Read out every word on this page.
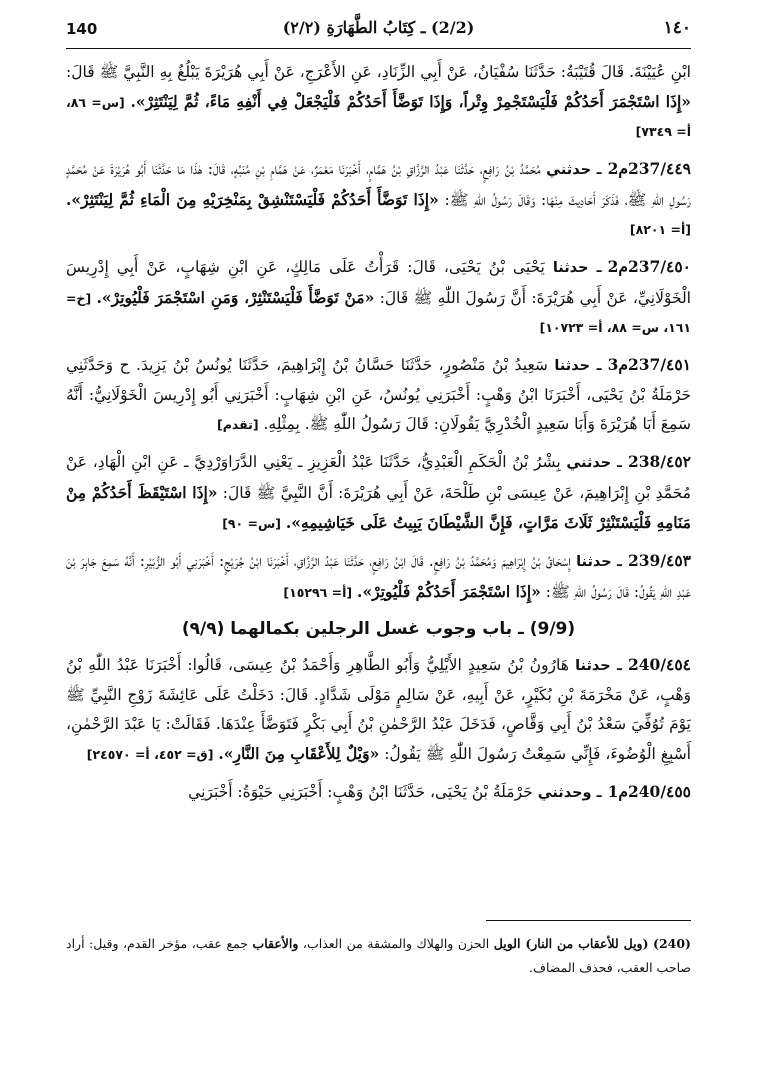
140	(2/2) ـ كِتَابُ الطَّهَارَةِ (٢/٢)	١٤٠

ابْنِ عُيَيْنَةَ. قَالَ قُتَيْبَةُ: حَدَّثَنَا سُفْيَانُ، عَنْ أَبِي الزِّنَادِ، عَنِ الأَعْرَجِ، عَنْ أَبِي هُرَيْرَةَ يَبْلُغُ بِهِ النَّبِيَّ ﷺ قَالَ: «إِذَا اسْتَجْمَرَ أَحَدُكُمْ فَلْيَسْتَجْمِرْ وِتْراً، وَإِذَا تَوَضَّأَ أَحَدُكُمْ فَلْيَجْعَلْ فِي أَنْفِهِ مَاءً، ثُمَّ لِيَنْتَثِرْ». [س= ٨٦، أ= ٧٣٤٩]

٤٤٩/237م2ـ حدثني مُحَمَّدُ بْنُ رَافِعٍ، حَدَّثَنَا عَبْدُ الرَّزَّاقِ بْنُ هَمَّامٍ، أَخْبَرَنَا مَعْمَرٌ، عَنْ هَمَّامِ بْنِ مُنَبِّهٍ، قَالَ: هٰذَا مَا حَدَّثَنَا أَبُو هُرَيْرَةَ عَنْ مُحَمَّدٍ رَسُولِ اللّٰهِ ﷺ، فَذَكَرَ أَحَادِيثَ مِنْهَا: وَقَالَ رَسُولُ اللّٰهِ ﷺ: «إِذَا تَوَضَّأَ أَحَدُكُمْ فَلْيَسْتَنْشِقْ بِمَنْخِرَيْهِ مِنَ الْمَاءِ ثُمَّ لِيَنْتَثِرْ». [أ= ٨٢٠١]

٤٥٠/237م2ـ حدثنا يَحْيَى بْنُ يَحْيَى، قَالَ: قَرَأْتُ عَلَى مَالِكٍ، عَنِ ابْنِ شِهَابٍ، عَنْ أَبِي إِدْرِيسَ الْخَوْلَانِيِّ، عَنْ أَبِي هُرَيْرَةَ: أَنَّ رَسُولَ اللّٰهِ ﷺ قَالَ: «مَنْ تَوَضَّأَ فَلْيَسْتَنْثِرْ، وَمَنِ اسْتَجْمَرَ فَلْيُوتِرْ». [خ= ١٦١، س= ٨٨، أ= ١٠٧٢٣]

٤٥١/237م3ـ حدثنا سَعِيدُ بْنُ مَنْصُورٍ، حَدَّثَنَا حَسَّانُ بْنُ إِبْرَاهِيمَ، حَدَّثَنَا يُونُسُ بْنُ يَزِيدَ. ح وَحَدَّثَنِي حَرْمَلَةُ بْنُ يَحْيَى، أَخْبَرَنَا ابْنُ وَهْبٍ: أَخْبَرَنِي يُونُسُ، عَنِ ابْنِ شِهَابٍ: أَخْبَرَنِي أَبُو إِدْرِيسَ الْخَوْلَانِيُّ: أَنَّهُ سَمِعَ أَبَا هُرَيْرَةَ وَأَبَا سَعِيدٍ الْخُدْرِيَّ يَقُولَانِ: قَالَ رَسُولُ اللّٰهِ ﷺ. بِمِثْلِهِ. [تقدم]

٤٥٢/238ـ حدثني بِشْرُ بْنُ الْحَكَمِ الْعَبْدِيُّ، حَدَّثَنَا عَبْدُ الْعَزِيزِ ـ يَعْنِي الدَّرَاوَرْدِيَّ ـ عَنِ ابْنِ الْهَادِ، عَنْ مُحَمَّدِ بْنِ إِبْرَاهِيمَ، عَنْ عِيسَى بْنِ طَلْحَةَ، عَنْ أَبِي هُرَيْرَةَ: أَنَّ النَّبِيَّ ﷺ قَالَ: «إِذَا اسْتَيْقَظَ أَحَدُكُمْ مِنْ مَنَامِهِ فَلْيَسْتَنْثِرْ ثَلَاثَ مَرَّاتٍ، فَإِنَّ الشَّيْطَانَ يَبِيتُ عَلَى خَيَاشِيمِهِ». [س= ٩٠]

٤٥٣/239ـ حدثنا إِسْحَاقُ بْنُ إِبْرَاهِيمَ وَمُحَمَّدُ بْنُ رَافِعٍ. قَالَ ابْنُ رَافِعٍ، حَدَّثَنَا عَبْدُ الرَّزَّاقِ، أَخْبَرَنَا ابْنُ جُرَيْجٍ: أَخْبَرَنِي أَبُو الزُّبَيْرِ: أَنَّهُ سَمِعَ جَابِرَ بْنَ عَبْدِ اللّٰهِ يَقُولُ: قَالَ رَسُولُ اللّٰهِ ﷺ: «إِذَا اسْتَجْمَرَ أَحَدُكُمْ فَلْيُوتِرْ». [أ= ١٥٢٩٦]

(9/9) ـ باب وجوب غسل الرجلين بكمالهما (٩/٩)

٤٥٤/240ـ حدثنا هَارُونُ بْنُ سَعِيدٍ الأَيْلِيُّ وَأَبُو الطَّاهِرِ وَأَحْمَدُ بْنُ عِيسَى، قَالُوا: أَخْبَرَنَا عَبْدُ اللّٰهِ بْنُ وَهْبٍ، عَنْ مَخْرَمَةَ بْنِ بُكَيْرٍ، عَنْ أَبِيهِ، عَنْ سَالِمٍ مَوْلَى شَدَّادٍ. قَالَ: دَخَلْتُ عَلَى عَائِشَةَ زَوْجِ النَّبِيِّ ﷺ يَوْمَ تُوُفِّيَ سَعْدُ بْنُ أَبِي وَقَّاصٍ، فَدَخَلَ عَبْدُ الرَّحْمٰنِ بْنُ أَبِي بَكْرٍ فَتَوَضَّأَ عِنْدَهَا. فَقَالَتْ: يَا عَبْدَ الرَّحْمٰنِ، أَسْبِغِ الْوُضُوءَ، فَإِنِّي سَمِعْتُ رَسُولَ اللّٰهِ ﷺ يَقُولُ: «وَيْلٌ لِلأَعْقَابِ مِنَ النَّارِ». [ق= ٤٥٢، أ= ٢٤٥٧٠]

٤٥٥/240م1ـ وحدثني حَرْمَلَةُ بْنُ يَحْيَى، حَدَّثَنَا ابْنُ وَهْبٍ: أَخْبَرَنِي حَيْوَةُ: أَخْبَرَنِي

(240) (ويل للأعقاب من النار) الويل الحزن والهلاك والمشقة من العذاب، والأعقاب جمع عقب، مؤخر القدم، وقيل: أراد صاحب العقب، فحذف المضاف.
